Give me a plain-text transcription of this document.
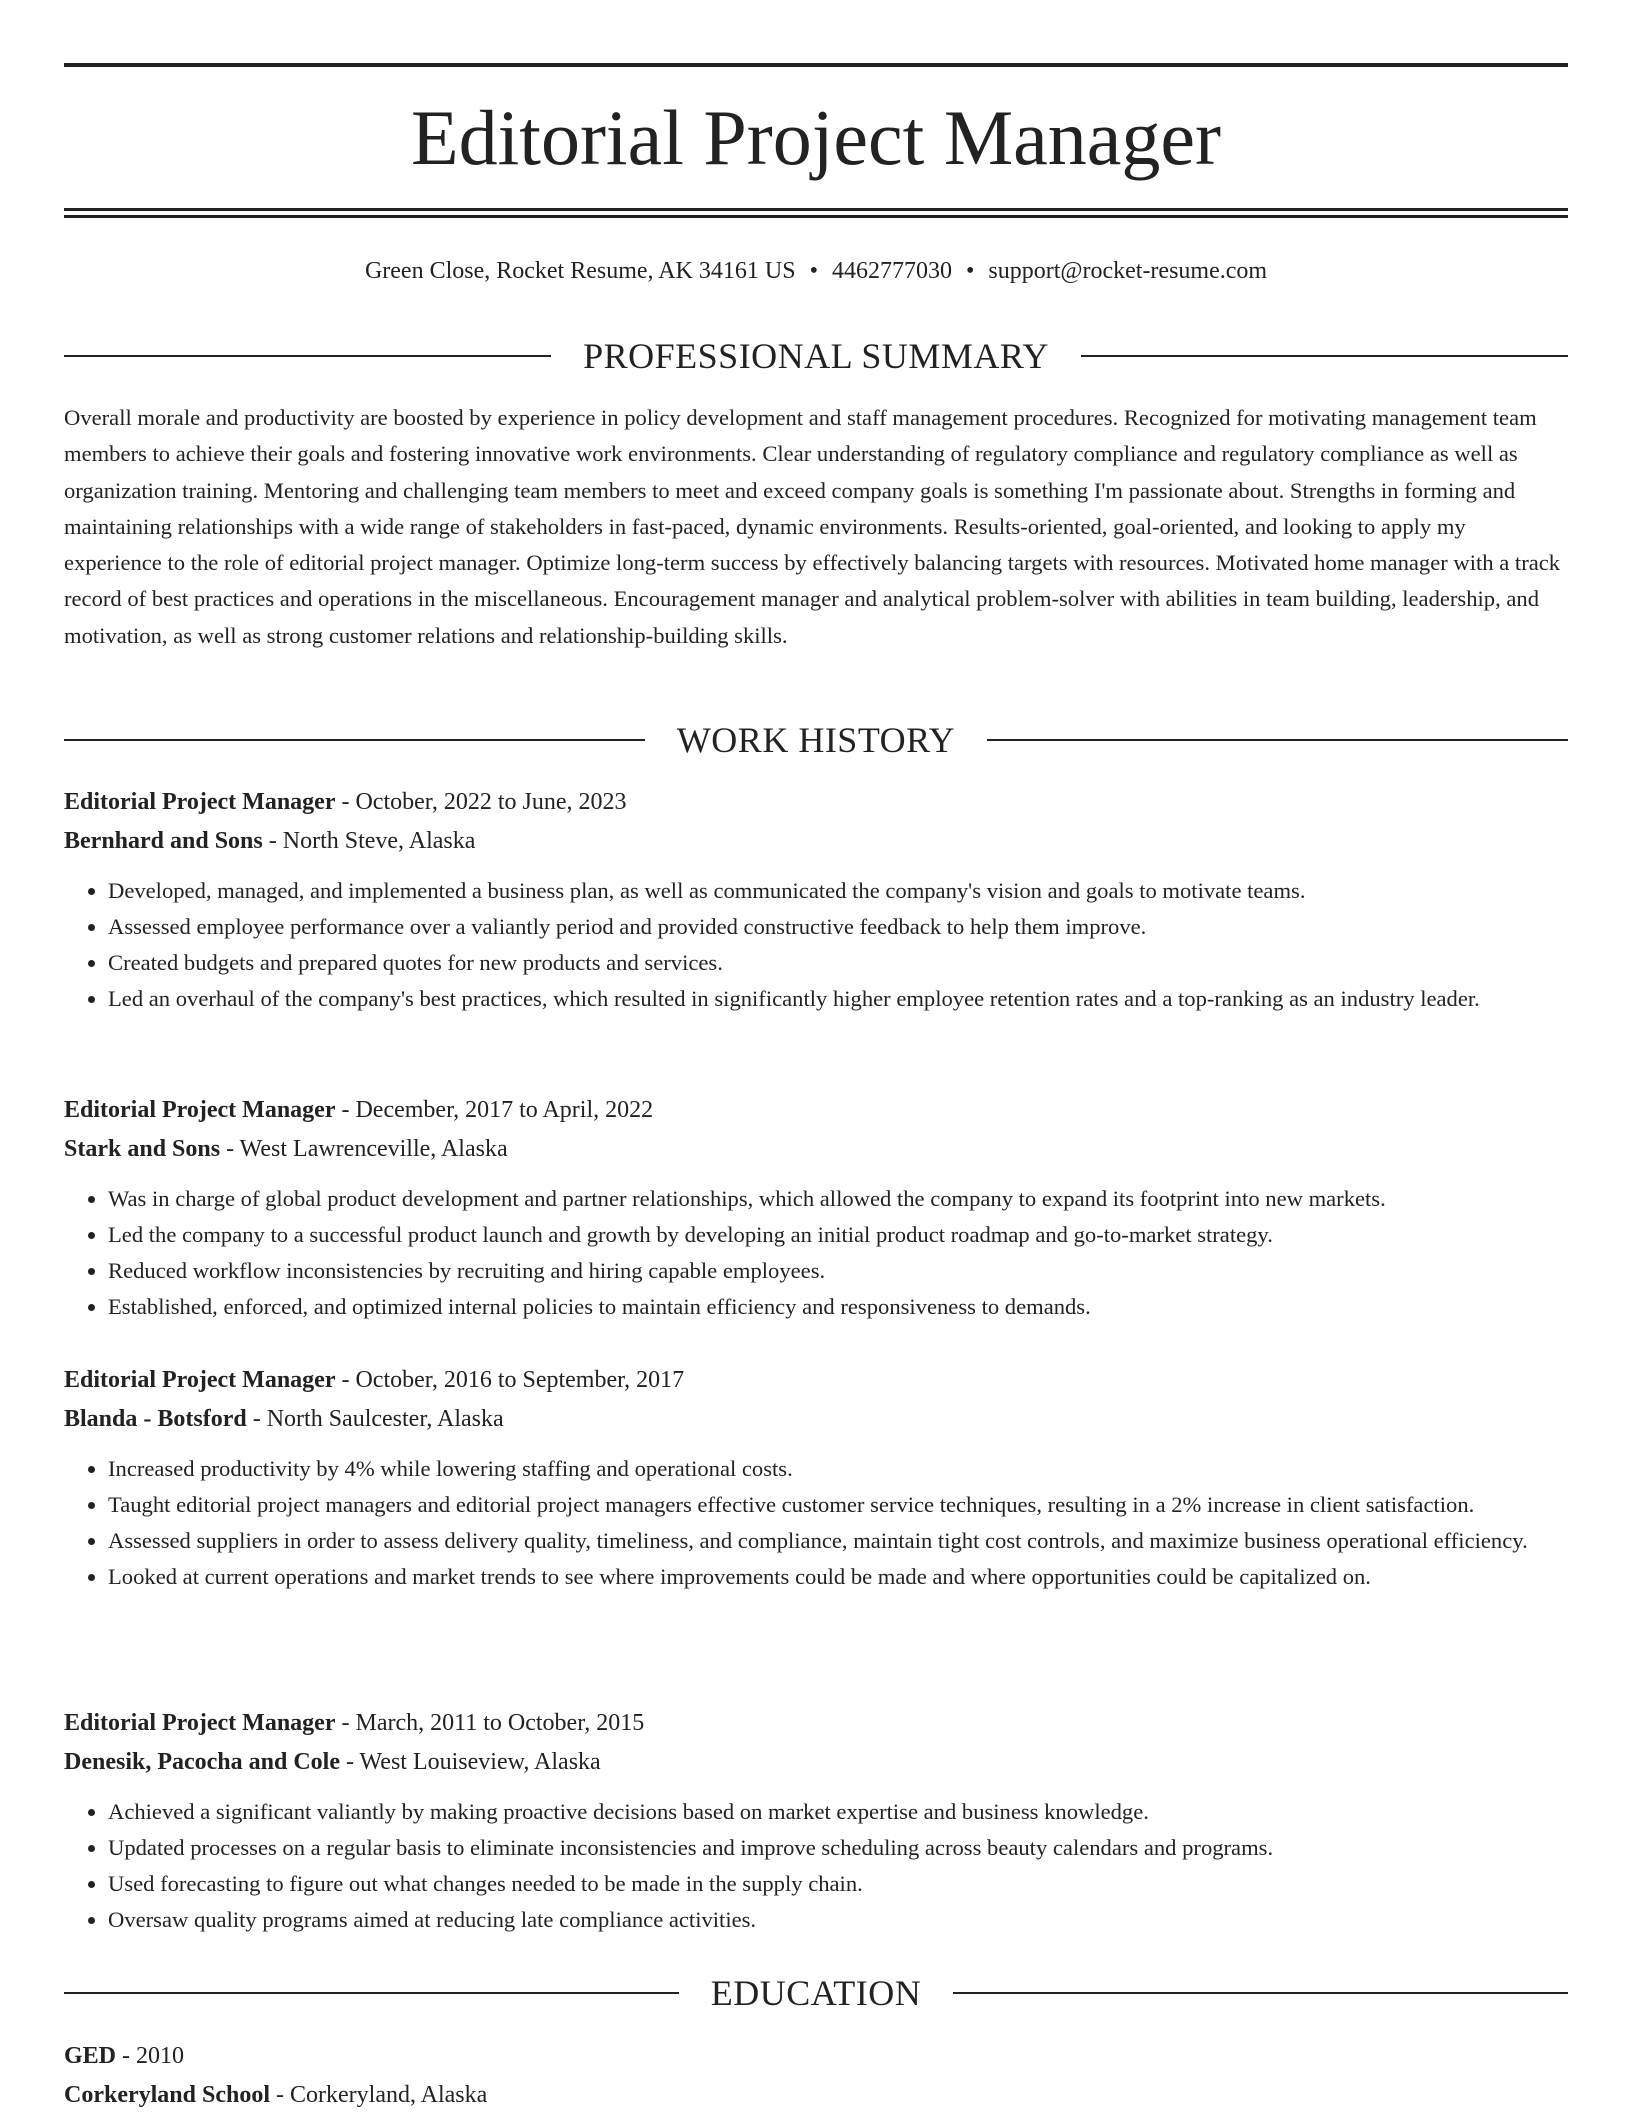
Editorial Project Manager
Green Close, Rocket Resume, AK 34161 US • 4462777030 • support@rocket-resume.com
PROFESSIONAL SUMMARY

Overall morale and productivity are boosted by experience in policy development and staff management procedures. Recognized for motivating management team members to achieve their goals and fostering innovative work environments. Clear understanding of regulatory compliance and regulatory compliance as well as organization training. Mentoring and challenging team members to meet and exceed company goals is something I'm passionate about. Strengths in forming and maintaining relationships with a wide range of stakeholders in fast-paced, dynamic environments. Results-oriented, goal-oriented, and looking to apply my experience to the role of editorial project manager. Optimize long-term success by effectively balancing targets with resources. Motivated home manager with a track record of best practices and operations in the miscellaneous. Encouragement manager and analytical problem-solver with abilities in team building, leadership, and motivation, as well as strong customer relations and relationship-building skills.

WORK HISTORY

Editorial Project Manager - October, 2022 to June, 2023

Bernhard and Sons - North Steve, Alaska

• Developed, managed, and implemented a business plan, as well as communicated the company's vision and goals to motivate teams.
• Assessed employee performance over a valiantly period and provided constructive feedback to help them improve.
• Created budgets and prepared quotes for new products and services.
• Led an overhaul of the company's best practices, which resulted in significantly higher employee retention rates and a top-ranking as an industry leader.

Editorial Project Manager - December, 2017 to April, 2022

Stark and Sons - West Lawrenceville, Alaska

• Was in charge of global product development and partner relationships, which allowed the company to expand its footprint into new markets.
• Led the company to a successful product launch and growth by developing an initial product roadmap and go-to-market strategy.
• Reduced workflow inconsistencies by recruiting and hiring capable employees.
• Established, enforced, and optimized internal policies to maintain efficiency and responsiveness to demands.

Editorial Project Manager - October, 2016 to September, 2017

Blanda - Botsford - North Saulcester, Alaska

• Increased productivity by 4% while lowering staffing and operational costs.
• Taught editorial project managers and editorial project managers effective customer service techniques, resulting in a 2% increase in client satisfaction.
• Assessed suppliers in order to assess delivery quality, timeliness, and compliance, maintain tight cost controls, and maximize business operational efficiency.
• Looked at current operations and market trends to see where improvements could be made and where opportunities could be capitalized on.

Editorial Project Manager - March, 2011 to October, 2015

Denesik, Pacocha and Cole - West Louiseview, Alaska

• Achieved a significant valiantly by making proactive decisions based on market expertise and business knowledge.
• Updated processes on a regular basis to eliminate inconsistencies and improve scheduling across beauty calendars and programs.
• Used forecasting to figure out what changes needed to be made in the supply chain.
• Oversaw quality programs aimed at reducing late compliance activities.
EDUCATION

GED - 2010

Corkeryland School - Corkeryland, Alaska
